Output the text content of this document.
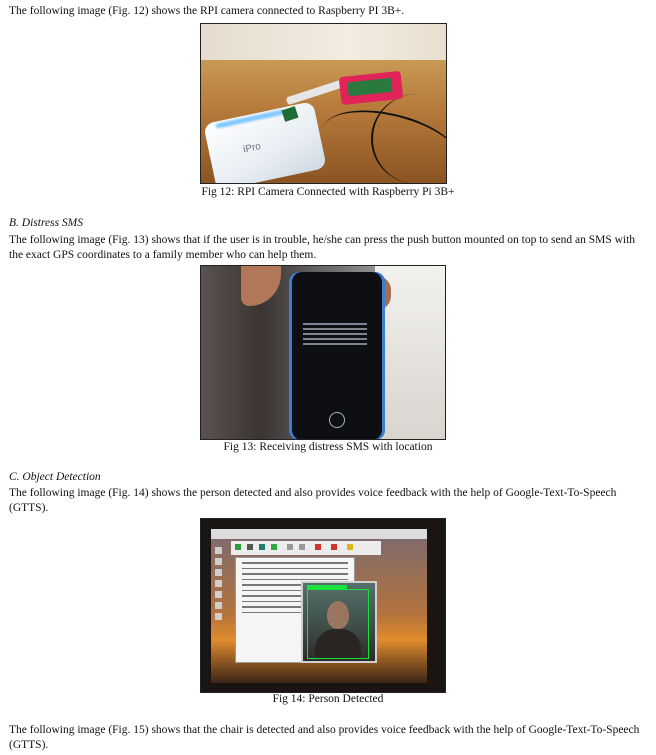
The following image (Fig. 12) shows the RPI camera connected to Raspberry PI 3B+.

iPro
Fig 12: RPI Camera Connected with Raspberry Pi 3B+
B. Distress SMS

The following image (Fig. 13) shows that if the user is in trouble, he/she can press the push button mounted on top to send an SMS with the exact GPS coordinates to a family member who can help them.

Fig 13: Receiving distress SMS with location
C. Object Detection

The following image (Fig. 14) shows the person detected and also provides voice feedback with the help of Google-Text-To-Speech (GTTS).

Fig 14: Person Detected

The following image (Fig. 15) shows that the chair is detected and also provides voice feedback with the help of Google-Text-To-Speech (GTTS).
